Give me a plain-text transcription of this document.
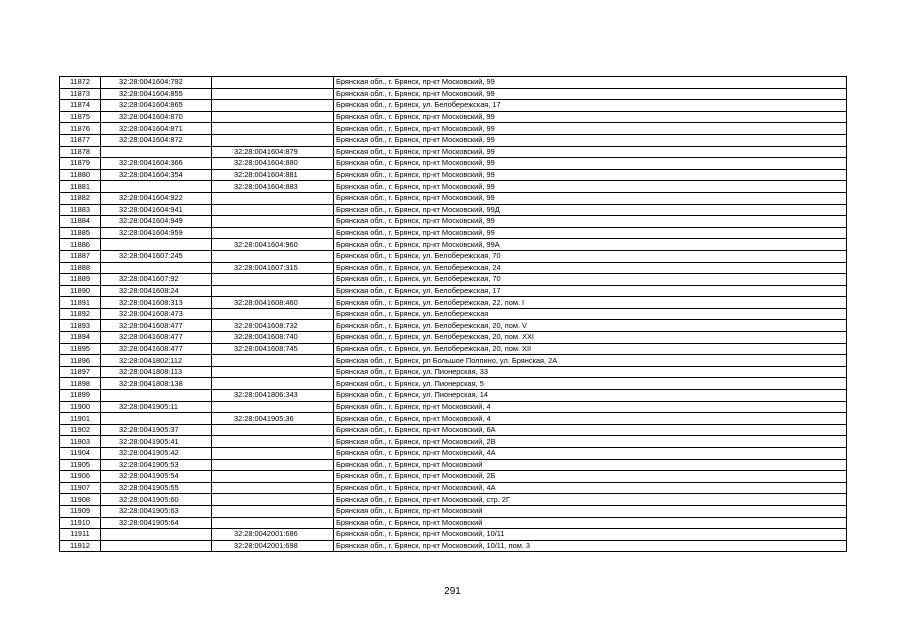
11872	32:28:0041604:792		Брянская обл., г. Брянск, пр-кт Московский, 99
11873	32:28:0041604:855		Брянская обл., г. Брянск, пр-кт Московский, 99
11874	32:28:0041604:865		Брянская обл., г. Брянск, ул. Белобережская, 17
11875	32:28:0041604:870		Брянская обл., г. Брянск, пр-кт Московский, 99
11876	32:28:0041604:871		Брянская обл., г. Брянск, пр-кт Московский, 99
11877	32:28:0041604:872		Брянская обл., г. Брянск, пр-кт Московский, 99
11878		32:28:0041604:879	Брянская обл., г. Брянск, пр-кт Московский, 99
11879	32:28:0041604:366	32:28:0041604:880	Брянская обл., г. Брянск, пр-кт Московский, 99
11880	32:28:0041604:354	32:28:0041604:881	Брянская обл., г. Брянск, пр-кт Московский, 99
11881		32:28:0041604:883	Брянская обл., г. Брянск, пр-кт Московский, 99
11882	32:28:0041604:922		Брянская обл., г. Брянск, пр-кт Московский, 99
11883	32:28:0041604:941		Брянская обл., г. Брянск, пр-кт Московский, 99Д
11884	32:28:0041604:949		Брянская обл., г. Брянск, пр-кт Московский, 99
11885	32:28:0041604:959		Брянская обл., г. Брянск, пр-кт Московский, 99
11886		32:28:0041604:960	Брянская обл., г. Брянск, пр-кт Московский, 99А
11887	32:28:0041607:245		Брянская обл., г. Брянск, ул. Белобережская, 70
11888		32:28:0041607:315	Брянская обл., г. Брянск, ул. Белобережская, 24
11889	32:28:0041607:92		Брянская обл., г. Брянск, ул. Белобережская, 70
11890	32:28:0041608:24		Брянская обл., г. Брянск, ул. Белобережская, 17
11891	32:28:0041608:313	32:28:0041608:460	Брянская обл., г. Брянск, ул. Белобережская, 22, пом. I
11892	32:28:0041608:473		Брянская обл., г. Брянск, ул. Белобережская
11893	32:28:0041608:477	32:28:0041608:732	Брянская обл., г. Брянск, ул. Белобережская, 20, пом. V
11894	32:28:0041608:477	32:28:0041608:740	Брянская обл., г. Брянск, ул. Белобережская, 20, пом. XXI
11895	32:28:0041608:477	32:28:0041608:745	Брянская обл., г. Брянск, ул. Белобережская, 20, пом. XII
11896	32:28:0041802:112		Брянская обл., г. Брянск, рп Большое Полпино, ул. Брянская, 2А
11897	32:28:0041808:113		Брянская обл., г. Брянск, ул. Пионерская, 33
11898	32:28:0041808:138		Брянская обл., г. Брянск, ул. Пионерская, 5
11899		32:28:0041806:343	Брянская обл., г. Брянск, ул. Пионерская, 14
11900	32:28:0041905:11		Брянская обл., г. Брянск, пр-кт Московский, 4
11901		32:28:0041905:36	Брянская обл., г. Брянск, пр-кт Московский, 4
11902	32:28:0041905:37		Брянская обл., г. Брянск, пр-кт Московский, 6А
11903	32:28:0041905:41		Брянская обл., г. Брянск, пр-кт Московский, 2В
11904	32:28:0041905:42		Брянская обл., г. Брянск, пр-кт Московский, 4А
11905	32:28:0041905:53		Брянская обл., г. Брянск, пр-кт Московский
11906	32:28:0041905:54		Брянская обл., г. Брянск, пр-кт Московский, 2Б
11907	32:28:0041905:55		Брянская обл., г. Брянск, пр-кт Московский, 4А
11908	32:28:0041905:60		Брянская обл., г. Брянск, пр-кт Московский, стр. 2Г
11909	32:28:0041905:63		Брянская обл., г. Брянск, пр-кт Московский
11910	32:28:0041905:64		Брянская обл., г. Брянск, пр-кт Московский
11911		32:28:0042001:686	Брянская обл., г. Брянск, пр-кт Московский, 10/11
11912		32:28:0042001:698	Брянская обл., г. Брянск, пр-кт Московский, 10/11, пом. 3
291
